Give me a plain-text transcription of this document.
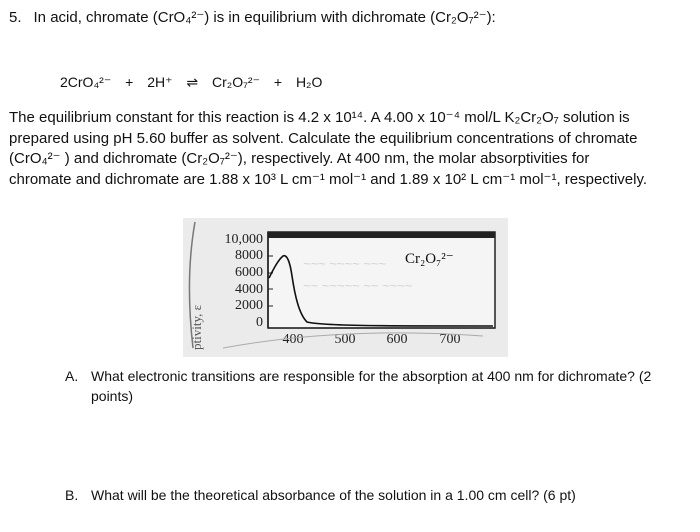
5. In acid, chromate (CrO₄²⁻) is in equilibrium with dichromate (Cr₂O₇²⁻):
2CrO₄²⁻ + 2H⁺ ⇌ Cr₂O₇²⁻ + H₂O
The equilibrium constant for this reaction is 4.2 x 10¹⁴. A 4.00 x 10⁻⁴ mol/L K₂Cr₂O₇ solution is
prepared using pH 5.60 buffer as solvent. Calculate the equilibrium concentrations of chromate
(CrO₄²⁻ ) and dichromate (Cr₂O₇²⁻), respectively. At 400 nm, the molar absorptivities for
chromate and dichromate are 1.88 x 10³ L cm⁻¹ mol⁻¹ and 1.89 x 10² L cm⁻¹ mol⁻¹, respectively.
ptivity, ε
10,000
8000
6000
4000
2000
0
~~~ ~~~~ ~~~
~~ ~~~~~ ~~ ~~~~
400 500 600 700
Cr₂O₇²⁻
A. What electronic transitions are responsible for the absorption at 400 nm for dichromate? (2
points)
B. What will be the theoretical absorbance of the solution in a 1.00 cm cell? (6 pt)
